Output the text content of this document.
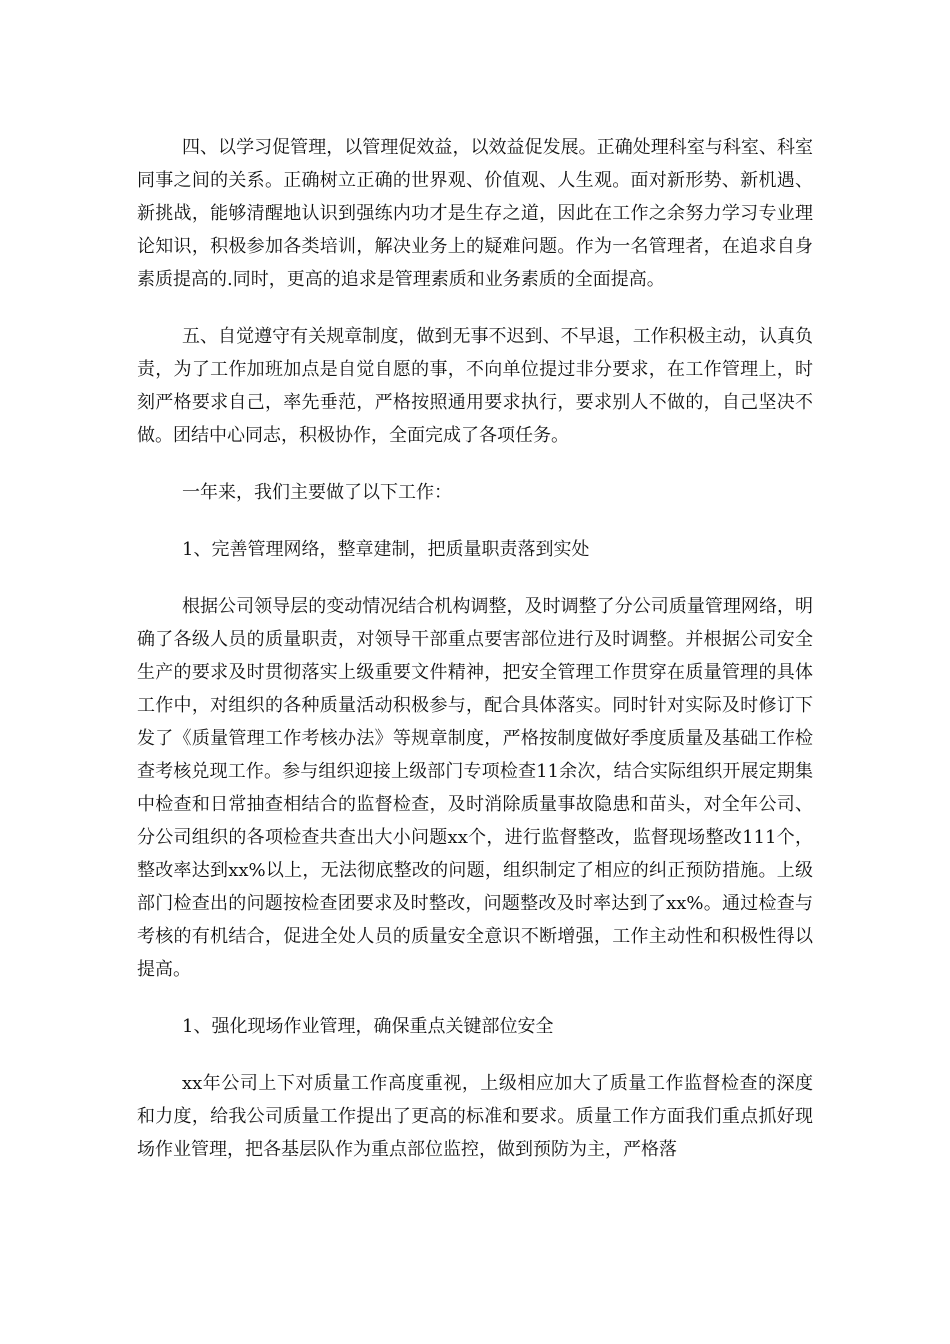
四、以学习促管理，以管理促效益，以效益促发展。正确处理科室与科室、科室同事之间的关系。正确树立正确的世界观、价值观、人生观。面对新形势、新机遇、新挑战，能够清醒地认识到强练内功才是生存之道，因此在工作之余努力学习专业理论知识，积极参加各类培训，解决业务上的疑难问题。作为一名管理者，在追求自身素质提高的.同时，更高的追求是管理素质和业务素质的全面提高。

五、自觉遵守有关规章制度，做到无事不迟到、不早退，工作积极主动，认真负责，为了工作加班加点是自觉自愿的事，不向单位提过非分要求，在工作管理上，时刻严格要求自己，率先垂范，严格按照通用要求执行，要求别人不做的，自己坚决不做。团结中心同志，积极协作，全面完成了各项任务。

一年来，我们主要做了以下工作：

1、完善管理网络，整章建制，把质量职责落到实处

根据公司领导层的变动情况结合机构调整，及时调整了分公司质量管理网络，明确了各级人员的质量职责，对领导干部重点要害部位进行及时调整。并根据公司安全生产的要求及时贯彻落实上级重要文件精神，把安全管理工作贯穿在质量管理的具体工作中，对组织的各种质量活动积极参与，配合具体落实。同时针对实际及时修订下发了《质量管理工作考核办法》等规章制度，严格按制度做好季度质量及基础工作检查考核兑现工作。参与组织迎接上级部门专项检查11余次，结合实际组织开展定期集中检查和日常抽查相结合的监督检查，及时消除质量事故隐患和苗头，对全年公司、分公司组织的各项检查共查出大小问题xx个，进行监督整改，监督现场整改111个，整改率达到xx%以上，无法彻底整改的问题，组织制定了相应的纠正预防措施。上级部门检查出的问题按检查团要求及时整改，问题整改及时率达到了xx%。通过检查与考核的有机结合，促进全处人员的质量安全意识不断增强，工作主动性和积极性得以提高。

1、强化现场作业管理，确保重点关键部位安全

xx年公司上下对质量工作高度重视，上级相应加大了质量工作监督检查的深度和力度，给我公司质量工作提出了更高的标准和要求。质量工作方面我们重点抓好现场作业管理，把各基层队作为重点部位监控，做到预防为主，严格落
